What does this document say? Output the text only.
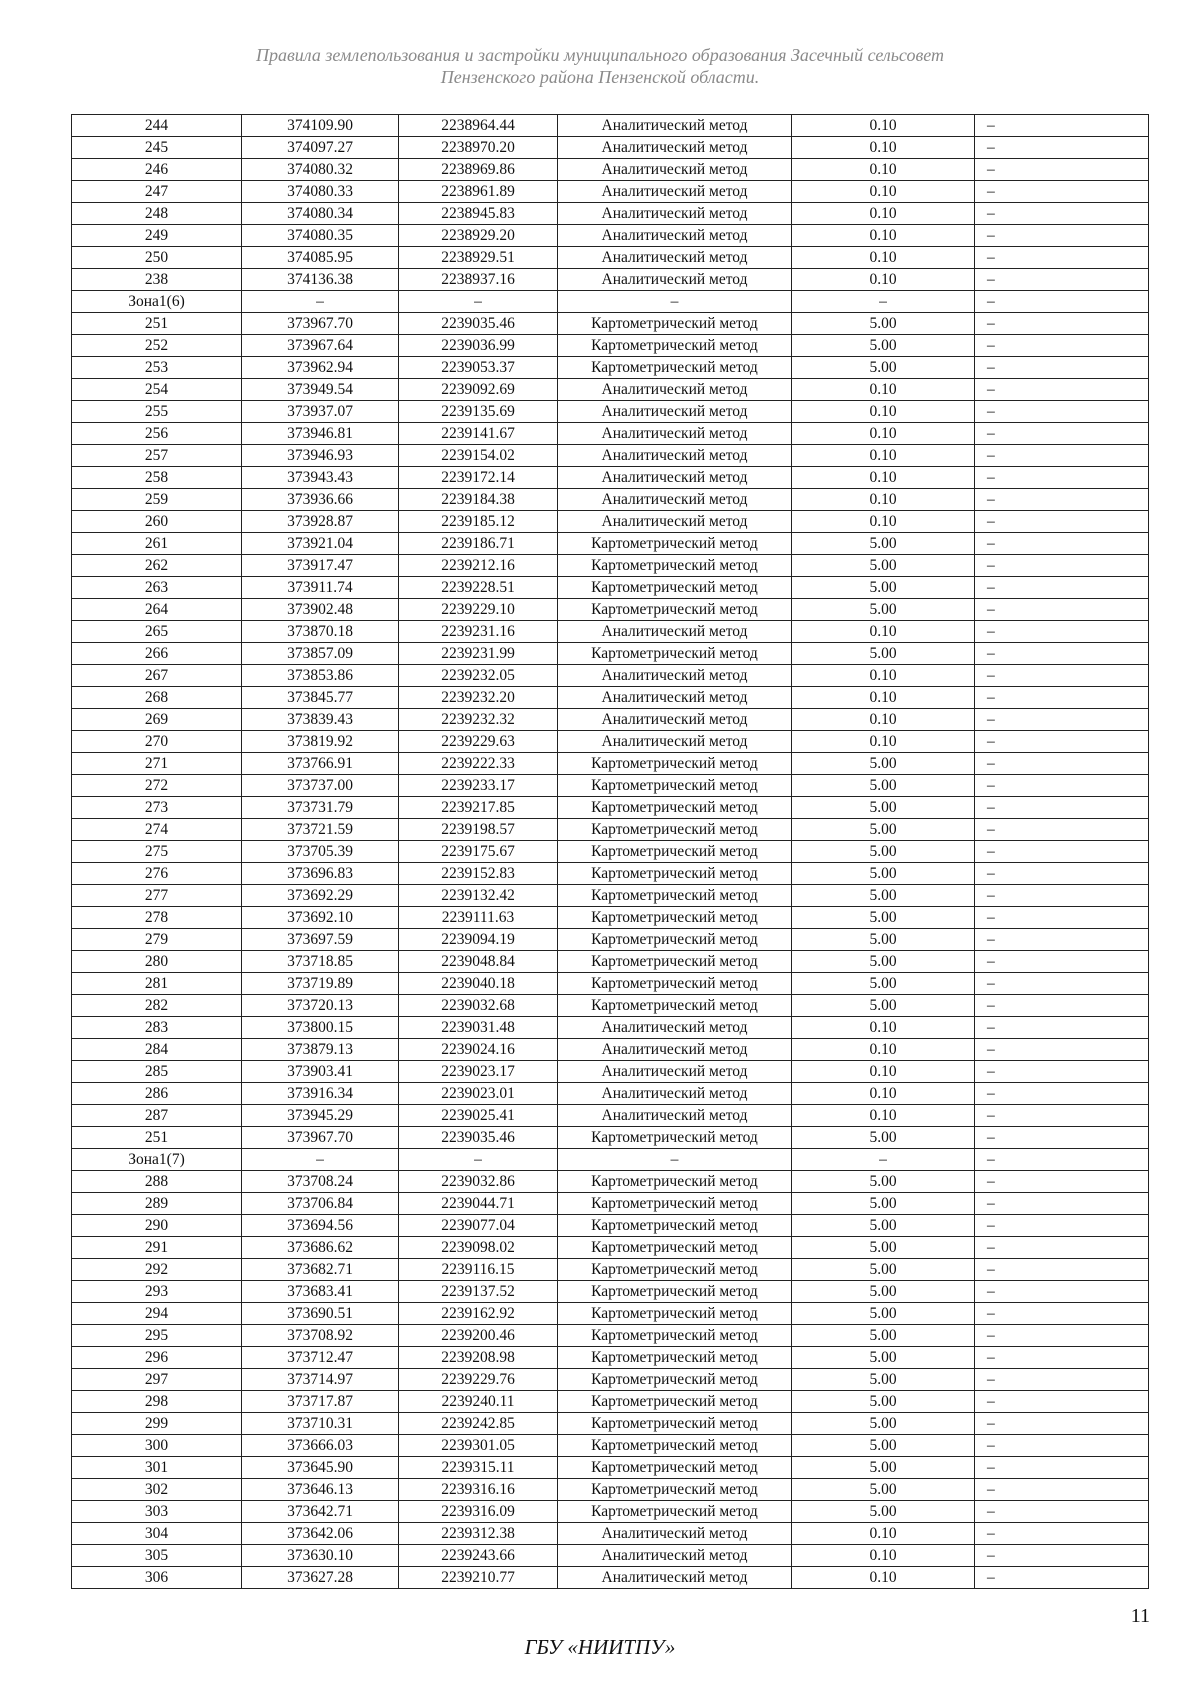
Правила землепользования и застройки муниципального образования Засечный сельсовет
Пензенского района Пензенской области.
244	374109.90	2238964.44	Аналитический метод	0.10	–
245	374097.27	2238970.20	Аналитический метод	0.10	–
246	374080.32	2238969.86	Аналитический метод	0.10	–
247	374080.33	2238961.89	Аналитический метод	0.10	–
248	374080.34	2238945.83	Аналитический метод	0.10	–
249	374080.35	2238929.20	Аналитический метод	0.10	–
250	374085.95	2238929.51	Аналитический метод	0.10	–
238	374136.38	2238937.16	Аналитический метод	0.10	–
Зона1(6)	–	–	–	–	–
251	373967.70	2239035.46	Картометрический метод	5.00	–
252	373967.64	2239036.99	Картометрический метод	5.00	–
253	373962.94	2239053.37	Картометрический метод	5.00	–
254	373949.54	2239092.69	Аналитический метод	0.10	–
255	373937.07	2239135.69	Аналитический метод	0.10	–
256	373946.81	2239141.67	Аналитический метод	0.10	–
257	373946.93	2239154.02	Аналитический метод	0.10	–
258	373943.43	2239172.14	Аналитический метод	0.10	–
259	373936.66	2239184.38	Аналитический метод	0.10	–
260	373928.87	2239185.12	Аналитический метод	0.10	–
261	373921.04	2239186.71	Картометрический метод	5.00	–
262	373917.47	2239212.16	Картометрический метод	5.00	–
263	373911.74	2239228.51	Картометрический метод	5.00	–
264	373902.48	2239229.10	Картометрический метод	5.00	–
265	373870.18	2239231.16	Аналитический метод	0.10	–
266	373857.09	2239231.99	Картометрический метод	5.00	–
267	373853.86	2239232.05	Аналитический метод	0.10	–
268	373845.77	2239232.20	Аналитический метод	0.10	–
269	373839.43	2239232.32	Аналитический метод	0.10	–
270	373819.92	2239229.63	Аналитический метод	0.10	–
271	373766.91	2239222.33	Картометрический метод	5.00	–
272	373737.00	2239233.17	Картометрический метод	5.00	–
273	373731.79	2239217.85	Картометрический метод	5.00	–
274	373721.59	2239198.57	Картометрический метод	5.00	–
275	373705.39	2239175.67	Картометрический метод	5.00	–
276	373696.83	2239152.83	Картометрический метод	5.00	–
277	373692.29	2239132.42	Картометрический метод	5.00	–
278	373692.10	2239111.63	Картометрический метод	5.00	–
279	373697.59	2239094.19	Картометрический метод	5.00	–
280	373718.85	2239048.84	Картометрический метод	5.00	–
281	373719.89	2239040.18	Картометрический метод	5.00	–
282	373720.13	2239032.68	Картометрический метод	5.00	–
283	373800.15	2239031.48	Аналитический метод	0.10	–
284	373879.13	2239024.16	Аналитический метод	0.10	–
285	373903.41	2239023.17	Аналитический метод	0.10	–
286	373916.34	2239023.01	Аналитический метод	0.10	–
287	373945.29	2239025.41	Аналитический метод	0.10	–
251	373967.70	2239035.46	Картометрический метод	5.00	–
Зона1(7)	–	–	–	–	–
288	373708.24	2239032.86	Картометрический метод	5.00	–
289	373706.84	2239044.71	Картометрический метод	5.00	–
290	373694.56	2239077.04	Картометрический метод	5.00	–
291	373686.62	2239098.02	Картометрический метод	5.00	–
292	373682.71	2239116.15	Картометрический метод	5.00	–
293	373683.41	2239137.52	Картометрический метод	5.00	–
294	373690.51	2239162.92	Картометрический метод	5.00	–
295	373708.92	2239200.46	Картометрический метод	5.00	–
296	373712.47	2239208.98	Картометрический метод	5.00	–
297	373714.97	2239229.76	Картометрический метод	5.00	–
298	373717.87	2239240.11	Картометрический метод	5.00	–
299	373710.31	2239242.85	Картометрический метод	5.00	–
300	373666.03	2239301.05	Картометрический метод	5.00	–
301	373645.90	2239315.11	Картометрический метод	5.00	–
302	373646.13	2239316.16	Картометрический метод	5.00	–
303	373642.71	2239316.09	Картометрический метод	5.00	–
304	373642.06	2239312.38	Аналитический метод	0.10	–
305	373630.10	2239243.66	Аналитический метод	0.10	–
306	373627.28	2239210.77	Аналитический метод	0.10	–
11
ГБУ «НИИТПУ»
